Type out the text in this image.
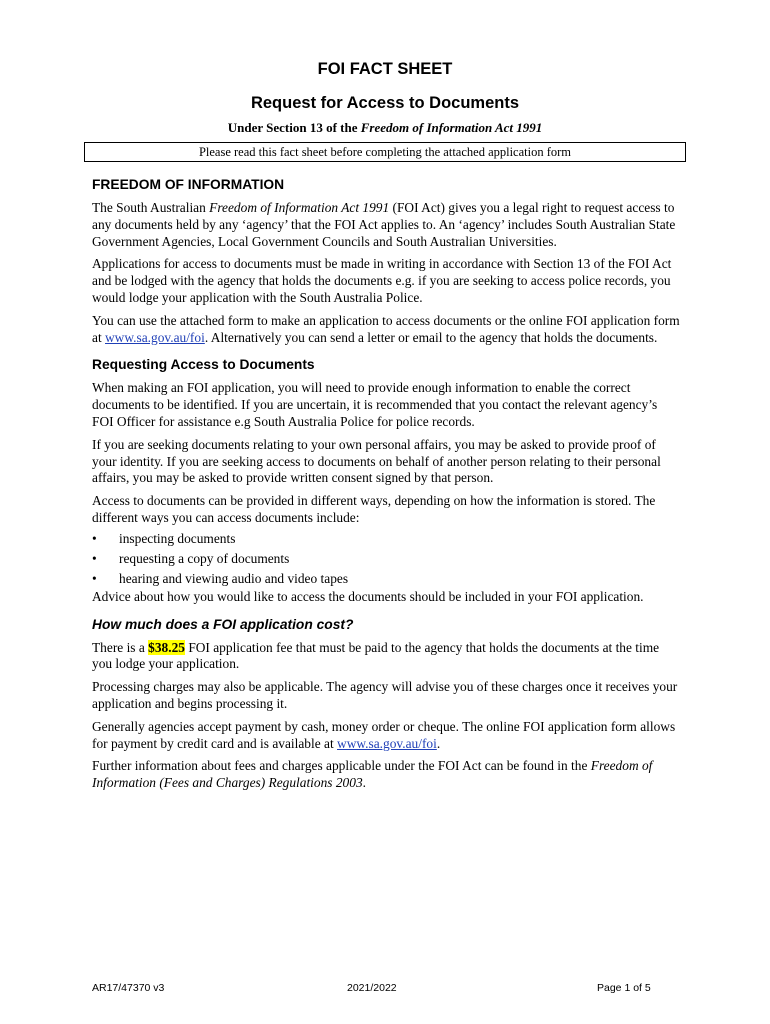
FOI FACT SHEET
Request for Access to Documents
Under Section 13 of the Freedom of Information Act 1991
Please read this fact sheet before completing the attached application form
FREEDOM OF INFORMATION

The South Australian Freedom of Information Act 1991 (FOI Act) gives you a legal right to request access to any documents held by any ‘agency’ that the FOI Act applies to. An ‘agency’ includes South Australian State Government Agencies, Local Government Councils and South Australian Universities.

Applications for access to documents must be made in writing in accordance with Section 13 of the FOI Act and be lodged with the agency that holds the documents e.g. if you are seeking to access police records, you would lodge your application with the South Australia Police.

You can use the attached form to make an application to access documents or the online FOI application form at www.sa.gov.au/foi. Alternatively you can send a letter or email to the agency that holds the documents.

Requesting Access to Documents

When making an FOI application, you will need to provide enough information to enable the correct documents to be identified. If you are uncertain, it is recommended that you contact the relevant agency’s FOI Officer for assistance e.g South Australia Police for police records.

If you are seeking documents relating to your own personal affairs, you may be asked to provide proof of your identity. If you are seeking access to documents on behalf of another person relating to their personal affairs, you may be asked to provide written consent signed by that person.

Access to documents can be provided in different ways, depending on how the information is stored. The different ways you can access documents include:

• inspecting documents
• requesting a copy of documents
• hearing and viewing audio and video tapes

Advice about how you would like to access the documents should be included in your FOI application.

How much does a FOI application cost?

There is a $38.25 FOI application fee that must be paid to the agency that holds the documents at the time you lodge your application.

Processing charges may also be applicable. The agency will advise you of these charges once it receives your application and begins processing it.

Generally agencies accept payment by cash, money order or cheque. The online FOI application form allows for payment by credit card and is available at www.sa.gov.au/foi.

Further information about fees and charges applicable under the FOI Act can be found in the Freedom of Information (Fees and Charges) Regulations 2003.

AR17/47370 v3	2021/2022	Page 1 of 5
